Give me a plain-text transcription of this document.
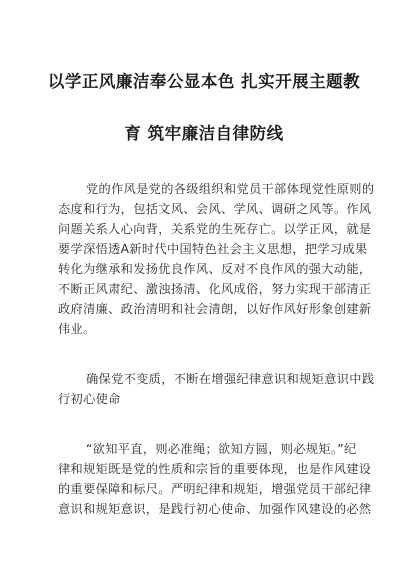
以学正风廉洁奉公显本色 扎实开展主题教
育 筑牢廉洁自律防线
党的作风是党的各级组织和党员干部体现党性原则的
态度和行为，包括文风、会风、学风、调研之风等。作风
问题关系人心向背，关系党的生死存亡。以学正风，就是
要学深悟透A新时代中国特色社会主义思想，把学习成果
转化为继承和发扬优良作风、反对不良作风的强大动能，
不断正风肃纪、激浊扬清、化风成俗，努力实现干部清正
政府清廉、政治清明和社会清朗，以好作风好形象创建新
伟业。
确保党不变质，不断在增强纪律意识和规矩意识中践
行初心使命
“欲知平直，则必准绳；欲知方圆，则必规矩。”纪
律和规矩既是党的性质和宗旨的重要体现，也是作风建设
的重要保障和标尺。严明纪律和规矩，增强党员干部纪律
意识和规矩意识，是践行初心使命、加强作风建设的必然
